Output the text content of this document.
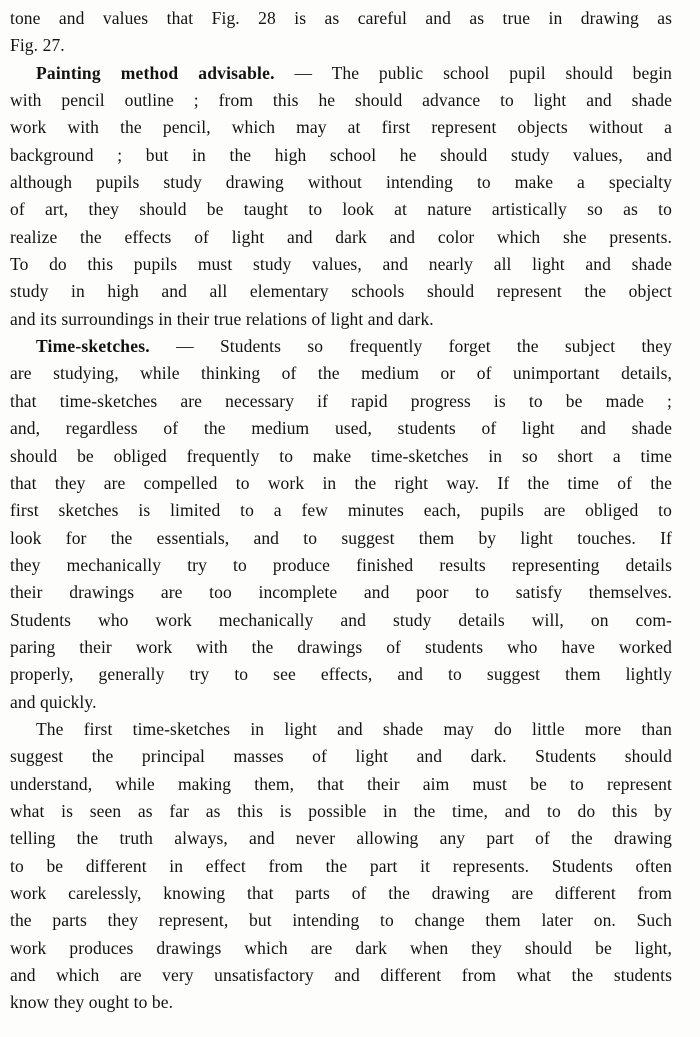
tone and values that Fig. 28 is as careful and as true in drawing as
Fig. 27.
Painting method advisable. — The public school pupil should begin
with pencil outline ; from this he should advance to light and shade
work with the pencil, which may at first represent objects without a
background ; but in the high school he should study values, and
although pupils study drawing without intending to make a specialty
of art, they should be taught to look at nature artistically so as to
realize the effects of light and dark and color which she presents.
To do this pupils must study values, and nearly all light and shade
study in high and all elementary schools should represent the object
and its surroundings in their true relations of light and dark.
Time-sketches. — Students so frequently forget the subject they
are studying, while thinking of the medium or of unimportant details,
that time-sketches are necessary if rapid progress is to be made ;
and, regardless of the medium used, students of light and shade
should be obliged frequently to make time-sketches in so short a time
that they are compelled to work in the right way. If the time of the
first sketches is limited to a few minutes each, pupils are obliged to
look for the essentials, and to suggest them by light touches. If
they mechanically try to produce finished results representing details
their drawings are too incomplete and poor to satisfy themselves.
Students who work mechanically and study details will, on com-
paring their work with the drawings of students who have worked
properly, generally try to see effects, and to suggest them lightly
and quickly.
The first time-sketches in light and shade may do little more than
suggest the principal masses of light and dark. Students should
understand, while making them, that their aim must be to represent
what is seen as far as this is possible in the time, and to do this by
telling the truth always, and never allowing any part of the drawing
to be different in effect from the part it represents. Students often
work carelessly, knowing that parts of the drawing are different from
the parts they represent, but intending to change them later on. Such
work produces drawings which are dark when they should be light,
and which are very unsatisfactory and different from what the students
know they ought to be.
